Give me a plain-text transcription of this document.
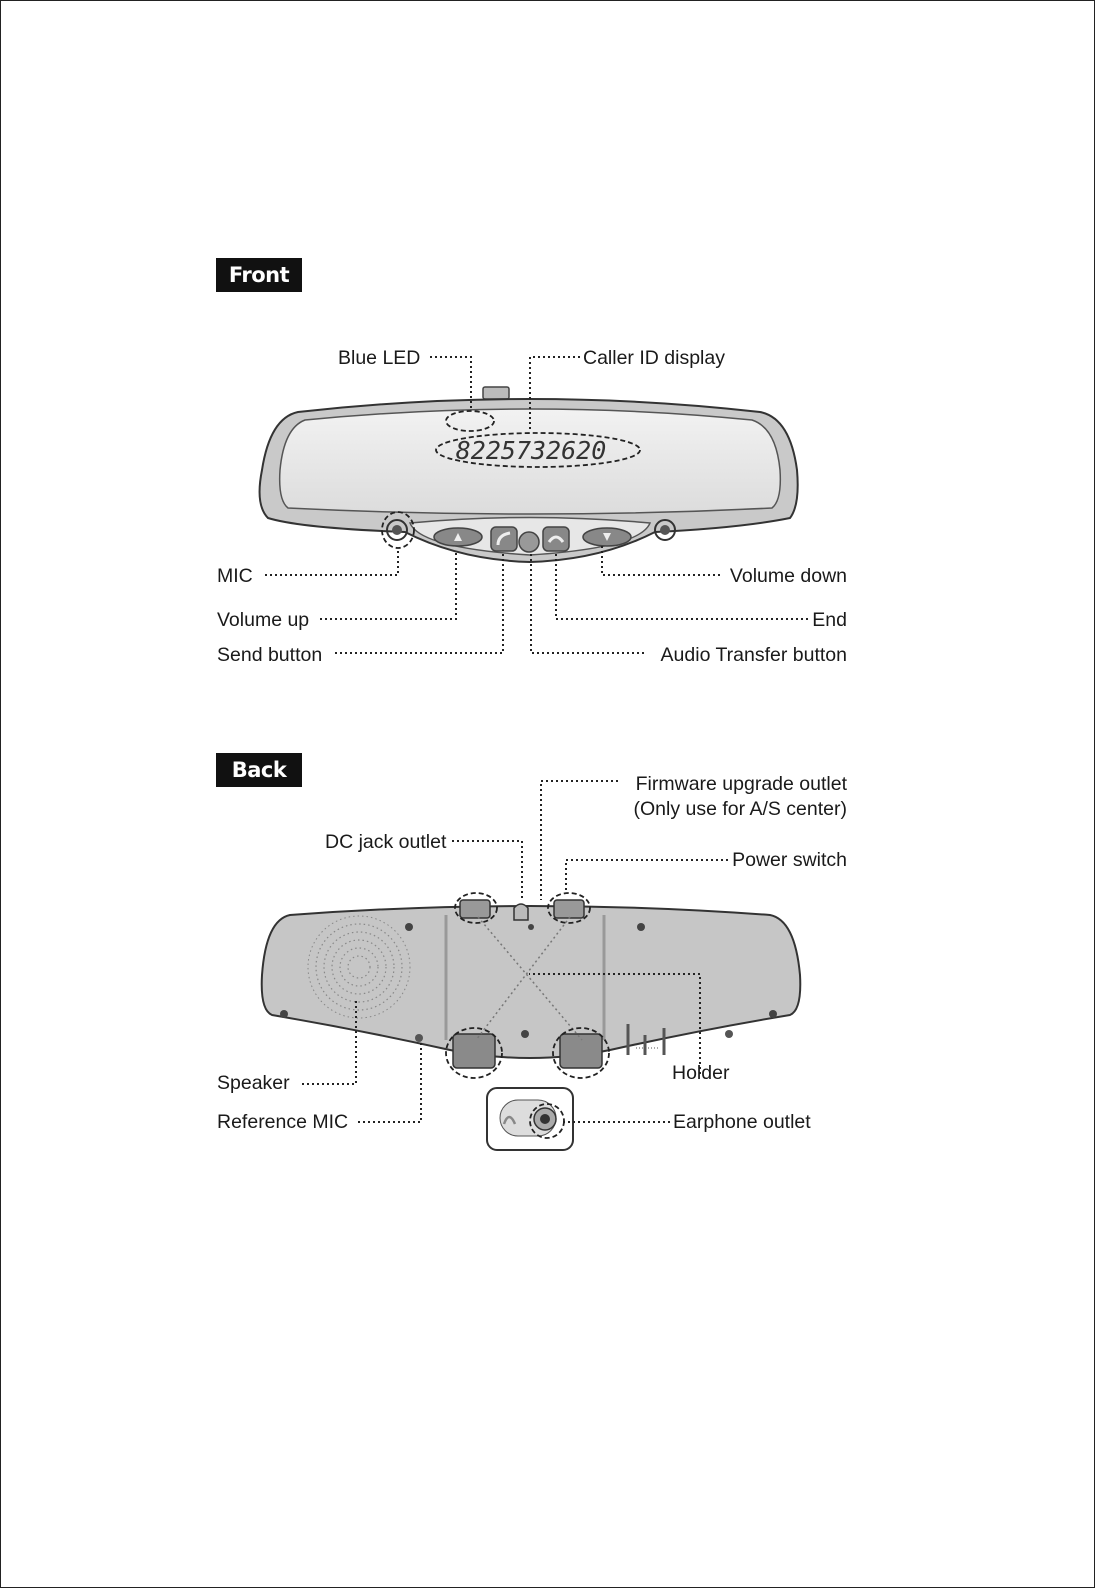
Front
Back
8225732620
Blue LED	Caller ID display
MIC
Volume up
Send button
Volume down
End
Audio Transfer button
Firmware upgrade outlet
(Only use for A/S center)
DC jack outlet
Power switch
Speaker
Reference MIC
Holder
Earphone outlet
